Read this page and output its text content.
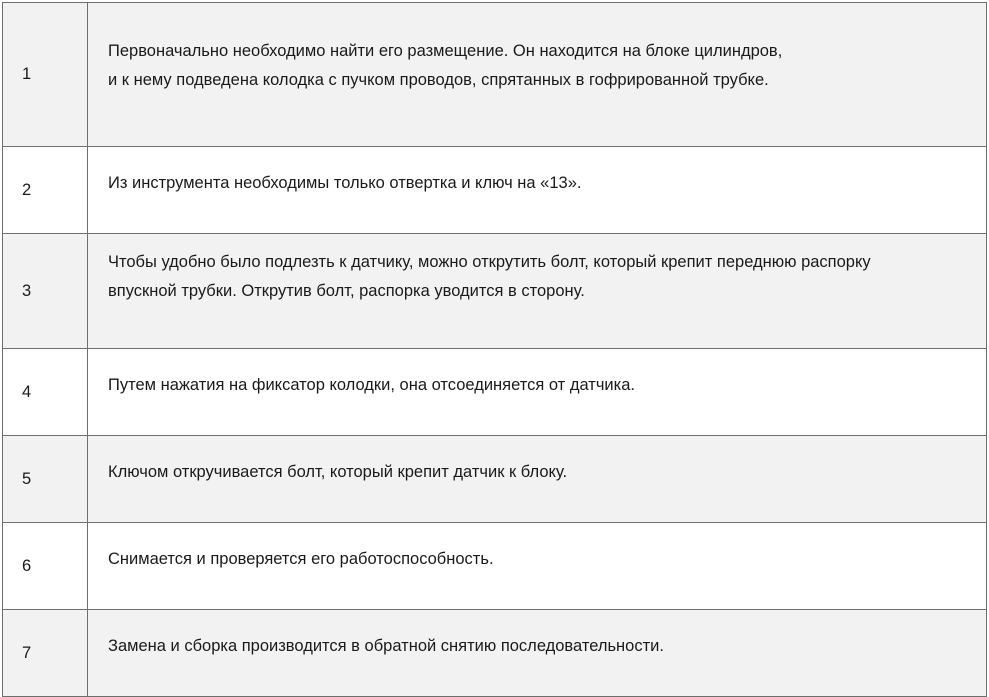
1	Первоначально необходимо найти его размещение. Он находится на блоке цилиндров, и к нему подведена колодка с пучком проводов, спрятанных в гофрированной трубке.

2	Из инструмента необходимы только отвертка и ключ на «13».

3	Чтобы удобно было подлезть к датчику, можно открутить болт, который крепит переднюю распорку впускной трубки. Открутив болт, распорка уводится в сторону.

4	Путем нажатия на фиксатор колодки, она отсоединяется от датчика.

5	Ключом откручивается болт, который крепит датчик к блоку.

6	Снимается и проверяется его работоспособность.

7	Замена и сборка производится в обратной снятию последовательности.
